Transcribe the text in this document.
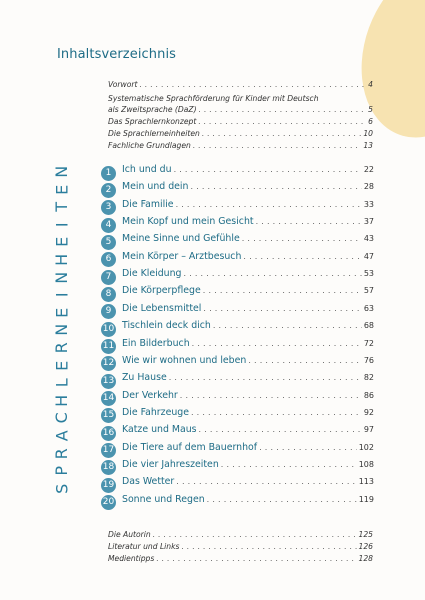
Inhaltsverzeichnis
Vorwort . . .	4
Systematische Sprachförderung für Kinder mit Deutsch
als Zweitsprache (DaZ) . . .	5
Das Sprachlernkonzept . . .	6
Die Sprachlerneinheiten . . .	10
Fachliche Grundlagen . . .	13
N
E
T
I
E
H
N
I
E
N
R
E
L
H
C
A
R
P
S
1	Ich und du . . .	22
2	Mein und dein . . .	28
3	Die Familie . . .	33
4	Mein Kopf und mein Gesicht . . .	37
5	Meine Sinne und Gefühle . . .	43
6	Mein Körper – Arztbesuch . . .	47
7	Die Kleidung . . .	53
8	Die Körperpflege . . .	57
9	Die Lebensmittel . . .	63
10 Tischlein deck dich . . .	68
11 Ein Bilderbuch . . .	72
12 Wie wir wohnen und leben . . .	76
13 Zu Hause . . .	82
14 Der Verkehr . . .	86
15 Die Fahrzeuge . . .	92
16 Katze und Maus . . .	97
17 Die Tiere auf dem Bauernhof . . .	102
18 Die vier Jahreszeiten . . .	108
19 Das Wetter . . .	113
20 Sonne und Regen . . .	119
Die Autorin . . .	125
Literatur und Links . . .	126
Medientipps . . .	128
